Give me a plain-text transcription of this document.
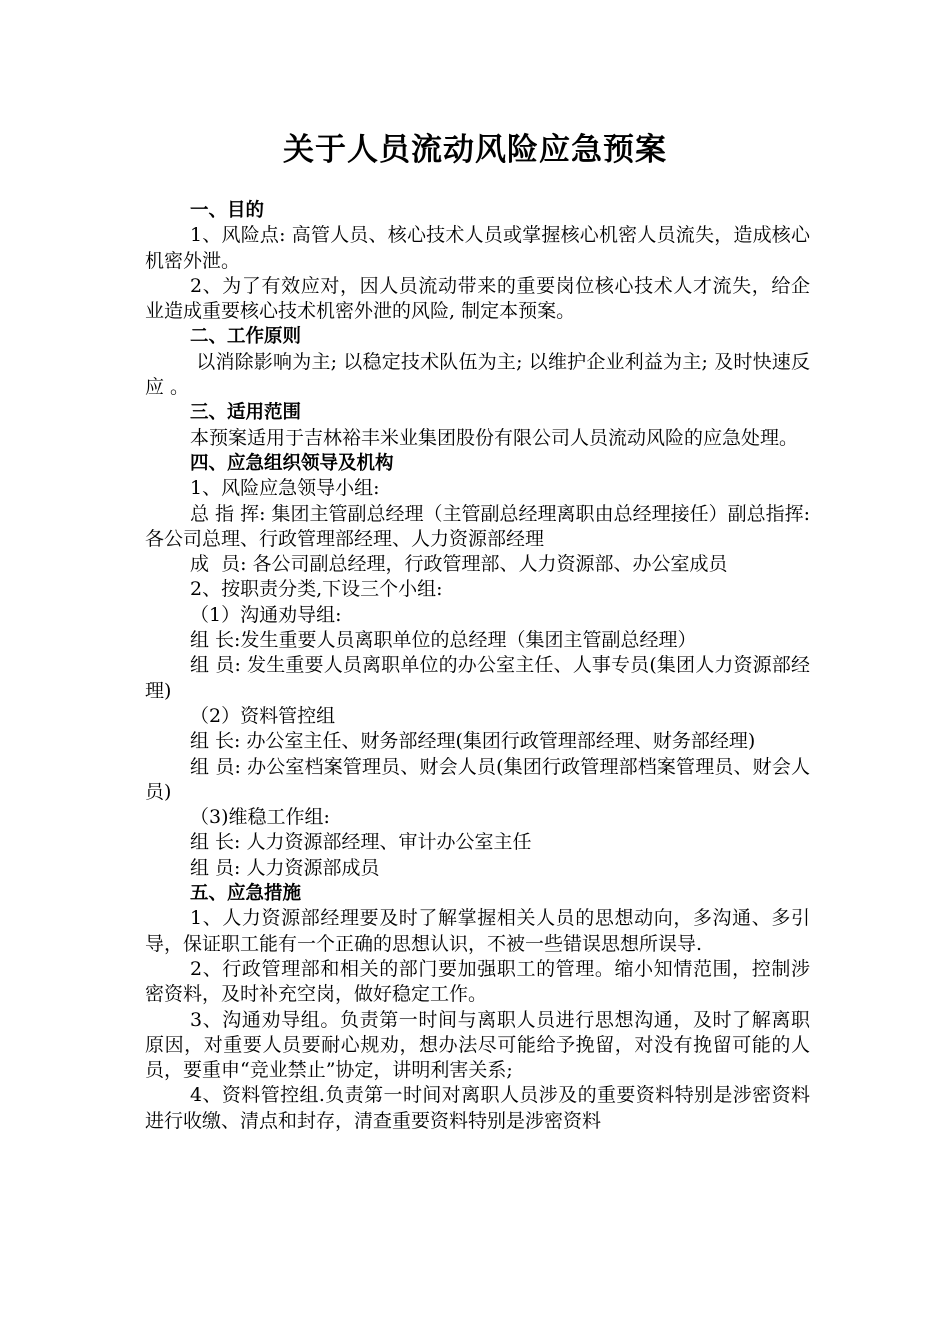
关于人员流动风险应急预案

一、目的

1、风险点: 高管人员、核心技术人员或掌握核心机密人员流失，造成核心机密外泄。

2、为了有效应对，因人员流动带来的重要岗位核心技术人才流失，给企业造成重要核心技术机密外泄的风险, 制定本预案。

二、工作原则

以消除影响为主; 以稳定技术队伍为主; 以维护企业利益为主; 及时快速反应 。

三、适用范围

本预案适用于吉林裕丰米业集团股份有限公司人员流动风险的应急处理。

四、应急组织领导及机构

1、风险应急领导小组:

总 指 挥: 集团主管副总经理（主管副总经理离职由总经理接任）副总指挥: 各公司总理、行政管理部经理、人力资源部经理

成  员: 各公司副总经理，行政管理部、人力资源部、办公室成员

2、按职责分类,下设三个小组:

（1）沟通劝导组:

组 长:发生重要人员离职单位的总经理（集团主管副总经理）

组 员: 发生重要人员离职单位的办公室主任、人事专员(集团人力资源部经理)

（2）资料管控组

组 长: 办公室主任、财务部经理(集团行政管理部经理、财务部经理)

组 员: 办公室档案管理员、财会人员(集团行政管理部档案管理员、财会人员)

（3)维稳工作组:

组 长: 人力资源部经理、审计办公室主任

组 员: 人力资源部成员

五、应急措施

1、人力资源部经理要及时了解掌握相关人员的思想动向，多沟通、多引导，保证职工能有一个正确的思想认识，不被一些错误思想所误导.

2、行政管理部和相关的部门要加强职工的管理。缩小知情范围，控制涉密资料，及时补充空岗，做好稳定工作。

3、沟通劝导组。负责第一时间与离职人员进行思想沟通，及时了解离职原因，对重要人员要耐心规劝，想办法尽可能给予挽留，对没有挽留可能的人员，要重申“竞业禁止”协定，讲明利害关系;

4、资料管控组.负责第一时间对离职人员涉及的重要资料特别是涉密资料进行收缴、清点和封存，清查重要资料特别是涉密资料
